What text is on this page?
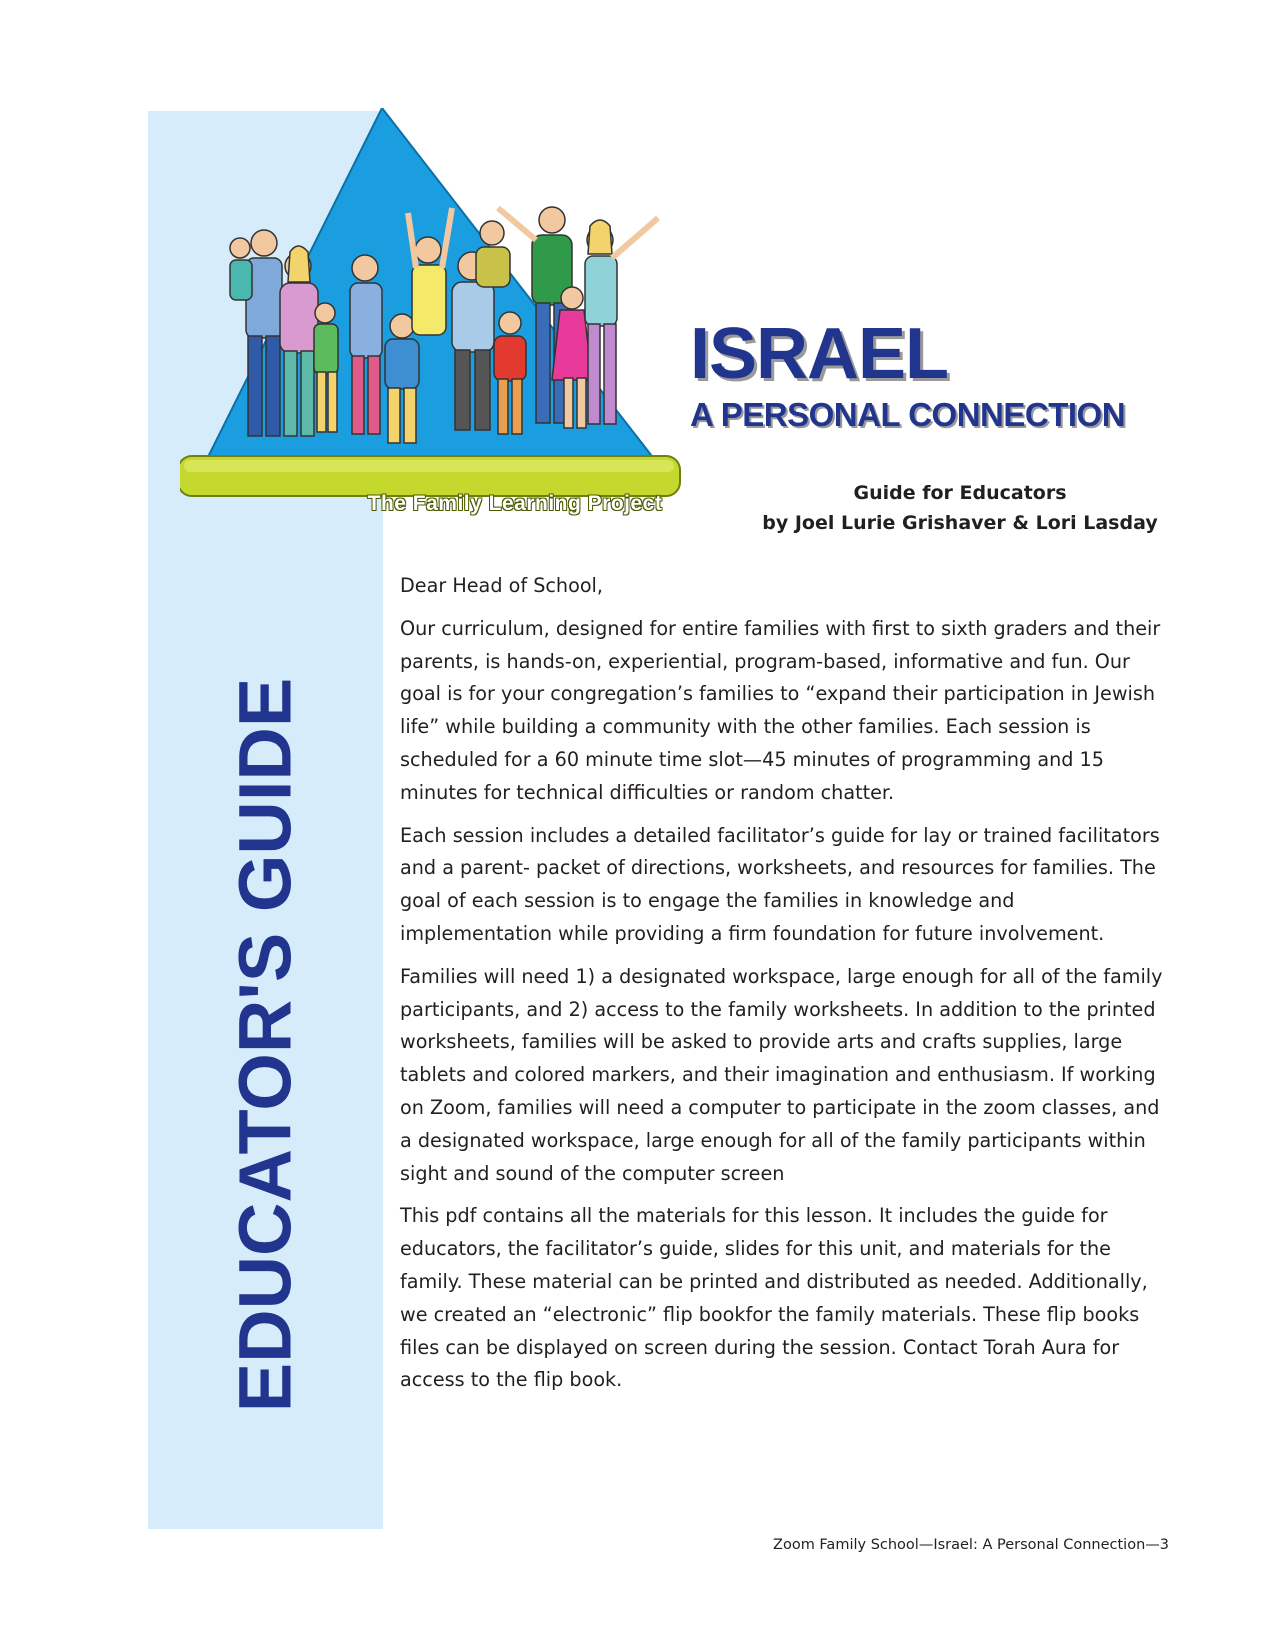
EDUCATOR'S GUIDE
The Family Learning Project
ISRAEL
A PERSONAL CONNECTION
Guide for Educators
by Joel Lurie Grishaver & Lori Lasday

Dear Head of School,

Our curriculum, designed for entire families with first to sixth graders and their parents, is hands-on, experiential, program-based, informative and fun. Our goal is for your congregation’s families to “expand their participation in Jewish life” while building a community with the other families. Each session is scheduled for a 60 minute time slot—45 minutes of programming and 15 minutes for technical difficulties or random chatter.

Each session includes a detailed facilitator’s guide for lay or trained facilitators and a parent- packet of directions, worksheets, and resources for families. The goal of each session is to engage the families in knowledge and implementation while providing a firm foundation for future involvement.

Families will need 1) a designated workspace, large enough for all of the family participants, and 2) access to the family worksheets. In addition to the printed worksheets, families will be asked to provide arts and crafts supplies, large tablets and colored markers, and their imagination and enthusiasm. If working on Zoom, families will need a computer to participate in the zoom classes, and a designated workspace, large enough for all of the family participants within sight and sound of the computer screen

This pdf contains all the materials for this lesson. It includes the guide for educators, the facilitator’s guide, slides for this unit, and materials for the family. These material can be printed and distributed as needed. Additionally, we created an “electronic” flip bookfor the family materials. These flip books files can be displayed on screen during the session. Contact Torah Aura for access to the flip book.

Zoom Family School—Israel: A Personal Connection—3
